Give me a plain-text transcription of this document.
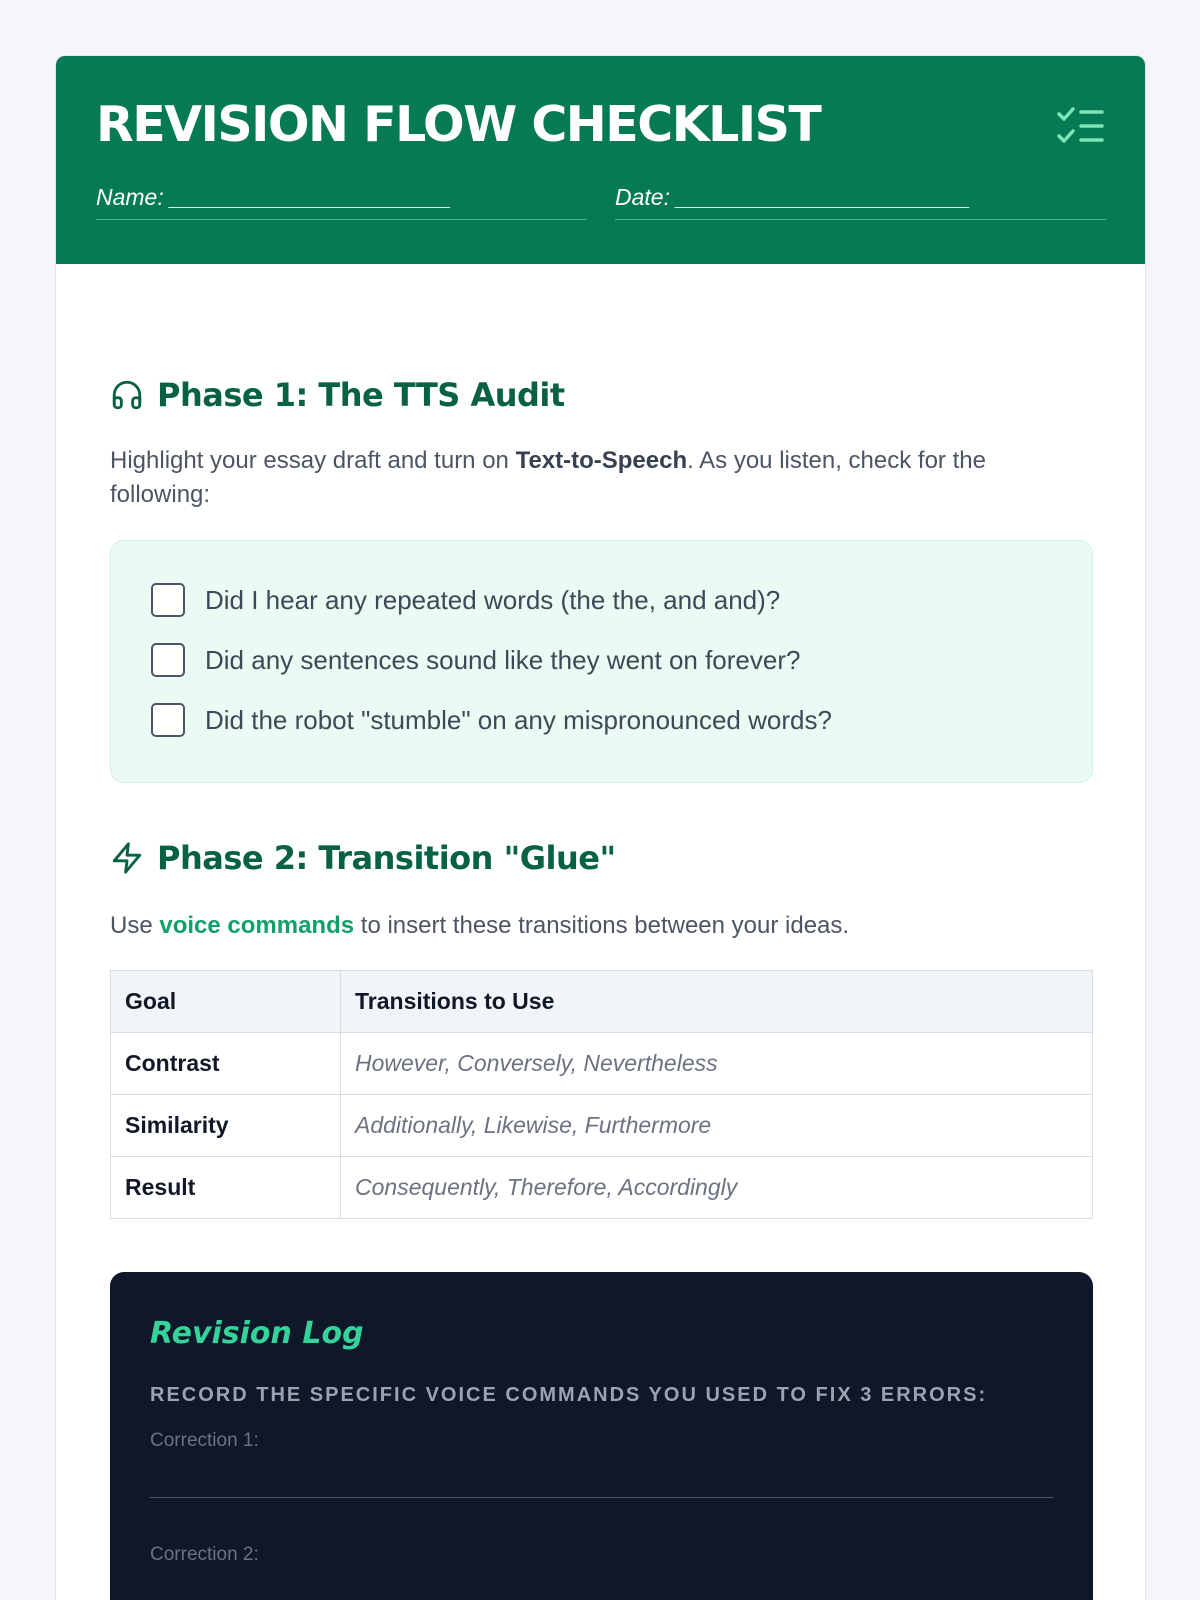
REVISION FLOW CHECKLIST
Name: ______________________	Date: _______________________
Phase 1: The TTS Audit
Highlight your essay draft and turn on Text-to-Speech. As you listen, check for the following:
Did I hear any repeated words (the the, and and)?
Did any sentences sound like they went on forever?
Did the robot "stumble" on any mispronounced words?
Phase 2: Transition "Glue"
Use voice commands to insert these transitions between your ideas.
Goal	Transitions to Use
Contrast	However, Conversely, Nevertheless
Similarity	Additionally, Likewise, Furthermore
Result	Consequently, Therefore, Accordingly
Revision Log
RECORD THE SPECIFIC VOICE COMMANDS YOU USED TO FIX 3 ERRORS:
Correction 1:
Correction 2:
